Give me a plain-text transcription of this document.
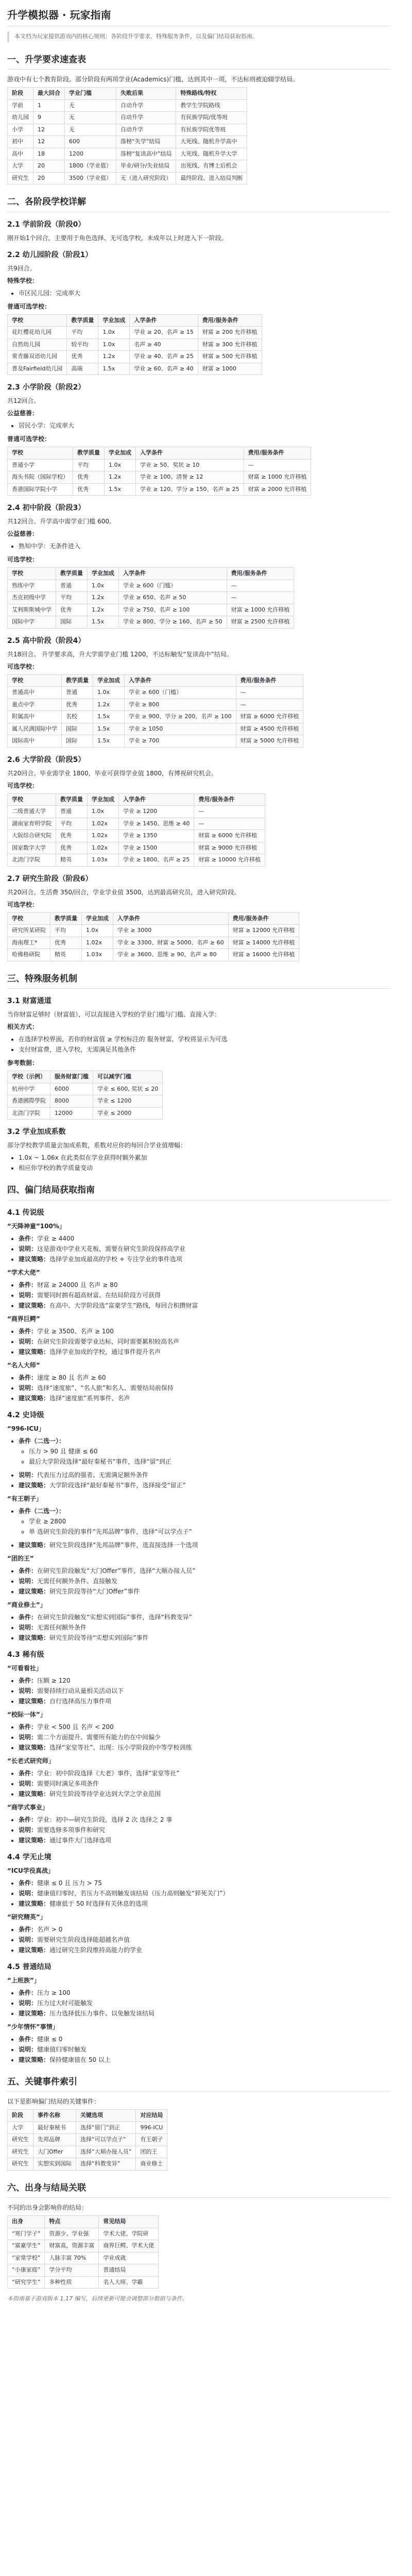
升学模拟器 · 玩家指南
本文档为玩家提供游戏内的核心规则：各阶段升学要求、特殊服务条件，以及偏门结局获取指南。
一、升学要求速查表

游戏中有七个教育阶段。部分阶段有两项学业(Academics)门槛，达到其中一项，不达标则被迫辍学结局。

阶段	最大回合	学业门槛	失败后果	特殊路线/特权
学前	1	无	自动升学	教学生学院路线
幼儿园	9	无	自动升学	有民族学院/优等班
小学	12	无	自动升学	有民族学院优等班
初中	12	600	落榜“失学”结局	大死线、随机升学高中
高中	18	1200	落榜“复读高中”结局	大死线、随机升学大学
大学	20	1800（学业值）	毕业/研分/失业结局	出死线、有博士后机会
研究生	20	3500（学业值）	无（进入研究阶段）	最终阶段、进入结局判断
二、各阶段学校详解
2.1 学前阶段（阶段0）

刚开始1个回合，主要用于角色选择、无可选学校，未成年以上时进入下一阶段。

2.2 幼儿园阶段（阶段1）

共9回合。

特殊学校：

• 市区民儿园：完成率大

普通可选学校：

学校	教学质量	学业加成	入学条件	费用/服务条件
花红樱花幼儿园	平均	1.0x	学业 ≥ 20、名声 ≥ 15	财富 ≥ 200 允许移植
自然幼儿园	较平均	1.0x	名声 ≥ 40	财富 ≥ 300 允许移植
常青藤双语幼儿园	优秀	1.2x	学业 ≥ 40、名声 ≥ 25	财富 ≥ 500 允许移植
普及Fairfield幼儿园	高端	1.5x	学业 ≥ 60、名声 ≥ 40	财富 ≥ 1000
2.3 小学阶段（阶段2）

共12回合。

公益慈善：

• 居民小学：完成率大

普通可选学校：

学校	教学质量	学业加成	入学条件	费用/服务条件
普通小学	平均	1.0x	学业 ≥ 50、奖状 ≥ 10	—
海头书院（国际学校）	优秀	1.2x	学业 ≥ 100、清誉 ≥ 12	财富 ≥ 1000 允许移植
香港国际学院小学	优秀	1.5x	学业 ≥ 120、学分 ≥ 150、名声 ≥ 25	财富 ≥ 2000 允许移植
2.4 初中阶段（阶段3）

共12回合。升学高中需学业门槛 600。

公益慈善：

• 熟知中学：无条件进入

可选学校：

学校	教学质量	学业加成	入学条件	费用/服务条件
熟练中学	普通	1.0x	学业 ≥ 600（门槛）	—
杰克初级中学	平均	1.2x	学业 ≥ 650、名声 ≥ 50	—
艾利斯斯城中学	优秀	1.2x	学业 ≥ 750、名声 ≥ 100	财富 ≥ 1000 允许移植
国际中学	国际	1.5x	学业 ≥ 800、学分 ≥ 160、名声 ≥ 50	财富 ≥ 2500 允许移植
2.5 高中阶段（阶段4）

共18回合。 升学要求高，升大学需学业门槛 1200，不达标触发“复读高中”结局。

可选学校：

学校	教学质量	学业加成	入学条件	费用/服务条件
普通高中	普通	1.0x	学业 ≥ 600（门槛）	—
重点中学	优秀	1.2x	学业 ≥ 800	—
附属高中	名校	1.5x	学业 ≥ 900、学分 ≥ 200、名声 ≥ 100	财富 ≥ 6000 允许移植
属人民满国际中学	国际	1.5x	学业 ≥ 1050	财富 ≥ 4500 允许移植
国际高中	国际	1.5x	学业 ≥ 700	财富 ≥ 5000 允许移植
2.6 大学阶段（阶段5）

共20回合。毕业需学业 1800，毕业可获得学业值 1800，有博视研究机会。

可选学校：

学校	教学质量	学业加成	入学条件	费用/服务条件
二级普通大学	普通	1.0x	学业 ≥ 1200	—
湖南家育明学院	平均	1.02x	学业 ≥ 1450、思维 ≥ 40	—
大阪综合研究院	优秀	1.02x	学业 ≥ 1350	财富 ≥ 6000 允许移植
国家数字大学	优秀	1.02x	学业 ≥ 1500	财富 ≥ 9000 允许移植
北清门学院	精英	1.03x	学业 ≥ 1800、名声 ≥ 25	财富 ≥ 10000 允许移植
2.7 研究生阶段（阶段6）

共20回合。生活费 350/回合，学业学业值 3500，达到最高研究员，进入研究阶段。

可选学校：

学校	教学质量	学业加成	入学条件	费用/服务条件
研究所某研院	平均	1.0x	学业 ≥ 3000	财富 ≥ 12000 允许移植
海南理工*	优秀	1.02x	学业 ≥ 3300、财富 ≥ 5000、名声 ≥ 60	财富 ≥ 14000 允许移植
哈佛格研院	精英	1.03x	学业 ≥ 3600、思维 ≥ 90、名声 ≥ 80	财富 ≥ 16000 允许移植
三、特殊服务机制
3.1 财富通道

当你财富足够时（财富值），可以直接进入学校的学业门槛与门槛、直接入学：

相关方式：

• 在选择学校界面，若你的财富值 ≥ 学校标注的 服务财富，学校将显示为可选
• 支付财富费，进入学校，无需满足其他条件

参考数据：

学校（示例）	服务财富门槛	可以减学门槛
杭州中学	6000	学业 ≤ 600, 奖状 ≤ 20
香港國際學院	8000	学业 ≤ 1200
北清门学院	12000	学业 ≤ 2000
3.2 学业加成系数

部分学校教学质量会加成系数，系数对应你的每回合学业值增幅：

• 1.0x ~ 1.06x 在此类似在学业获得时额外累加
• 相应你学校的教学质量变动
四、偏门结局获取指南
4.1 传说级

“天降神童”100%」

• 条件：学业 ≥ 4400
• 说明：这是游戏中学业天花板，需要在研究生阶段保持高学业
• 建议策略：选择学业加成最高的学校 + 专注学业的事件选项

“学术大佬”

• 条件：财富 ≥ 24000 且 名声 ≥ 80
• 说明：需要同时拥有超高财富、在结局阶段方可获得
• 建议策略：在高中、大学阶段选“富豪学生”路线，每回合积攒财富

“商界巨鳄”

• 条件：学业 ≥ 3500、名声 ≥ 100
• 说明：在研究生阶段需要学业达标，同时需要累积较高名声
• 建议策略：选择学业加成的学校，通过事件提升名声

“名人大师”

• 条件：速度 ≥ 80 且 名声 ≥ 60
• 说明：选择“速度旅”、“名人旅”和名人、需要结局前保持
• 建议策略：选择“速度旅”系列事件、名声
4.2 史诗级

“996-ICU」

• 条件（二选一）：
◦ 压力 > 90 且 健康 ≤ 60
◦ 最后大学阶段选择“最好秦秘书”事件，选择“留”到正
• 说明：代表压力过高的强者、无需满足额外条件
• 建议策略：大学阶段选择“最好秦秘书”事件，选择接受“留正”

“有王朝子」

• 条件（二选一）：
◦ 学业 ≥ 2800
◦ 单 选研究生阶段的事件“先邦品牌”事件，选择“可以学点子”
• 建议策略：研究生阶段选择“先邦品牌”事件，选直接选择一个选项

“团的王”

• 条件：在研究生阶段触发“大门Offer”事件，选择“大顺办接人员”
• 说明：无需任何额外条件、直接触发
• 建议策略：研究生阶段等待“大门Offer”事件

“商业修土”」

• 条件：在研究生阶段触发“实想实到国际”事件，选择“科教变异”
• 说明：无需任何额外条件
• 建议策略：研究生阶段等待“实想实到国际”事件
4.3 稀有级

“可看看社」

• 条件：压额 ≥ 120
• 说明：需要持续行动从量相关活动以下
• 建议策略：自行选择高压力事件项

“校际一体”」

• 条件：学业 < 500 且 名声 < 200
• 说明：需二个方面提升、需要所有能力的在中间偏少
• 建议策略：选择“家堂等社”、出现：压小学阶段的中等学校训练

“长老式研究师」

• 条件：学业：初中阶段选择《大老》事件，选择“家堂等社”
• 说明：需要同时满足多项条件
• 建议策略：研究生阶段等待学业达到大学之学业范围

“商学式事业」

• 条件：学业：初中—研究生阶段，选择 2 次 选择之 2 事
• 说明：需要选修多项事件和研究
• 建议策略：通过事件大门选择选项
4.4 学无止境

“ICU学役真战」

• 条件：健康 ≤ 0 且 压力 > 75
• 说明：健康值归零时，若压力不高则触发该结局（压力高则触发“猝死关门”）
• 建议策略：健康低于 50 时选择有关休息的选项

“研究精英”」

• 条件：名声 > 0
• 说明：需要研究生阶段选择能超越名声值
• 建议策略：通过研究生阶段维持高能力的学业
4.5 普通结局

“上班族”」

• 条件：压力 ≥ 100
• 说明：压力过大时可能触发
• 建议策略：压力选择低压力事件、以免触发该结局

“少年情怀”事情」

• 条件：健康 ≤ 0
• 说明：健康值归零时触发
• 建议策略：保持健康值在 50 以上
五、关键事件索引

以下是影响偏门结局的关键事件：

阶段	事件名称	关键选项	对应结局
大学	最好秦秘书	选择“留门”到正	996-ICU
研究生	先邦品牌	选择“可以学点子”	有王朝子
研究生	大门Offer	选择“大顺办接人员”	团的王
研究生	实想实到国际	选择“科教变异”	商业修土
六、出身与结局关联

不同的出身会影响你的结局：

出身	特点	常见结局
“寒门学子”	资源少、学业强	学术大佬、学院研
“富豪学生”	财富高，资源丰富	商界巨鳄、学术大佬
“家常学校”	人脉丰富 70%	学业成就
“小康家庭”	学分平均	普通结局
“研究学生”	多种性质	名人大师、学霸

本指南基于游戏版本 1.17 编写，后续更新可能会调整部分数值与条件。
